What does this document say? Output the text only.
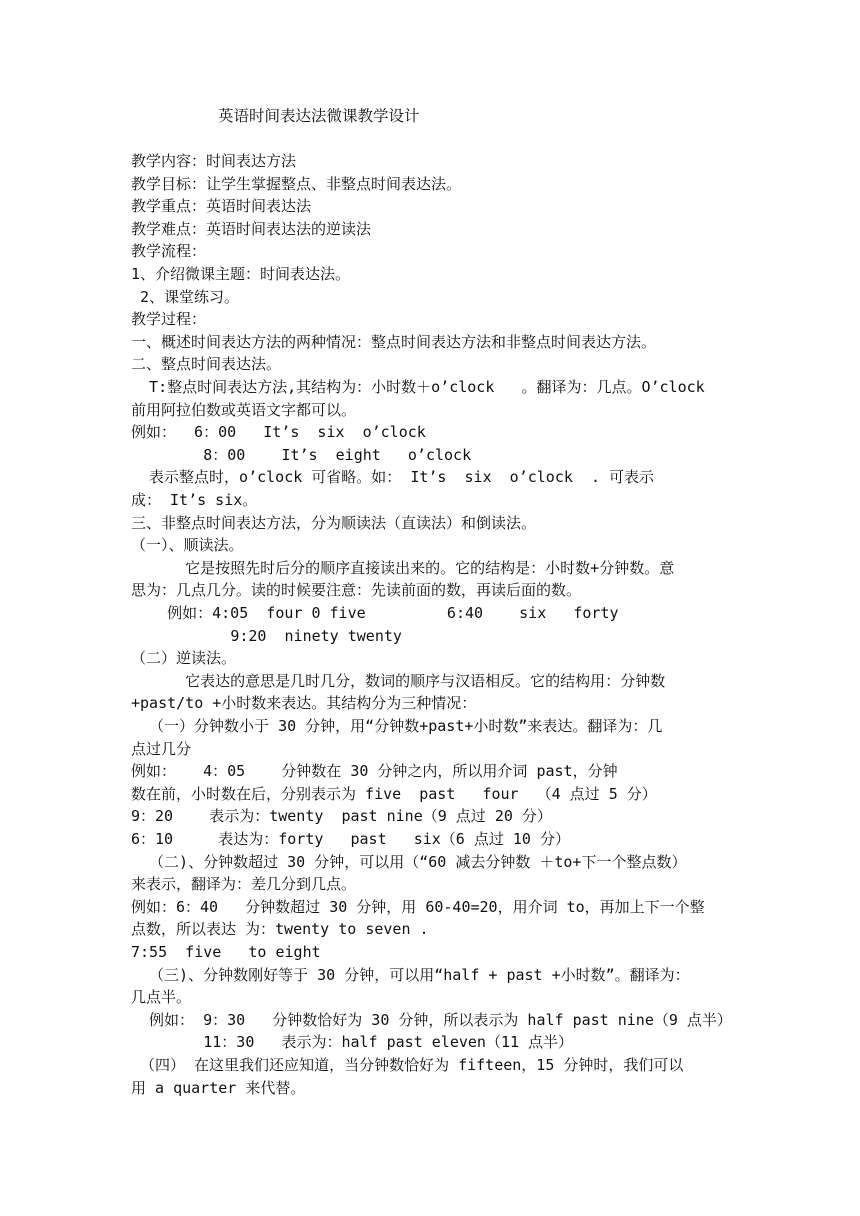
英语时间表达法微课教学设计
教学内容：时间表达方法
教学目标：让学生掌握整点、非整点时间表达法。
教学重点：英语时间表达法
教学难点：英语时间表达法的逆读法
教学流程：
1、介绍微课主题：时间表达法。
2、课堂练习。
教学过程：
一、概述时间表达方法的两种情况：整点时间表达方法和非整点时间表达方法。
二、整点时间表达法。
T:整点时间表达方法,其结构为：小时数＋o’clock   。翻译为：几点。O’clock
前用阿拉伯数或英语文字都可以。
例如：  6：00   It’s  six  o’clock
8：00    It’s  eight   o’clock
表示整点时，o’clock 可省略。如： It’s  six  o’clock  . 可表示
成： It’s six。
三、非整点时间表达方法，分为顺读法（直读法）和倒读法。
（一）、顺读法。
它是按照先时后分的顺序直接读出来的。它的结构是：小时数+分钟数。意
思为：几点几分。读的时候要注意：先读前面的数，再读后面的数。
例如：4:05  four 0 five         6:40    six   forty
9:20  ninety twenty
（二）逆读法。
它表达的意思是几时几分，数词的顺序与汉语相反。它的结构用：分钟数
+past/to +小时数来表达。其结构分为三种情况：
（一）分钟数小于 30 分钟，用“分钟数+past+小时数”来表达。翻译为：几
点过几分
例如：   4：05    分钟数在 30 分钟之内，所以用介词 past，分钟
数在前，小时数在后，分别表示为 five  past   four  （4 点过 5 分）
9：20    表示为：twenty  past nine（9 点过 20 分）
6：10     表达为：forty   past   six（6 点过 10 分）
（二)、分钟数超过 30 分钟，可以用（“60 减去分钟数 ＋to+下一个整点数）
来表示，翻译为：差几分到几点。
例如：6：40   分钟数超过 30 分钟，用 60-40=20，用介词 to，再加上下一个整
点数，所以表达 为：twenty to seven .
7:55  five   to eight
（三)、分钟数刚好等于 30 分钟，可以用“half + past +小时数”。翻译为：
几点半。
例如： 9：30   分钟数恰好为 30 分钟，所以表示为 half past nine（9 点半）
11：30   表示为：half past eleven（11 点半）
（四） 在这里我们还应知道，当分钟数恰好为 fifteen，15 分钟时，我们可以
用 a quarter 来代替。
